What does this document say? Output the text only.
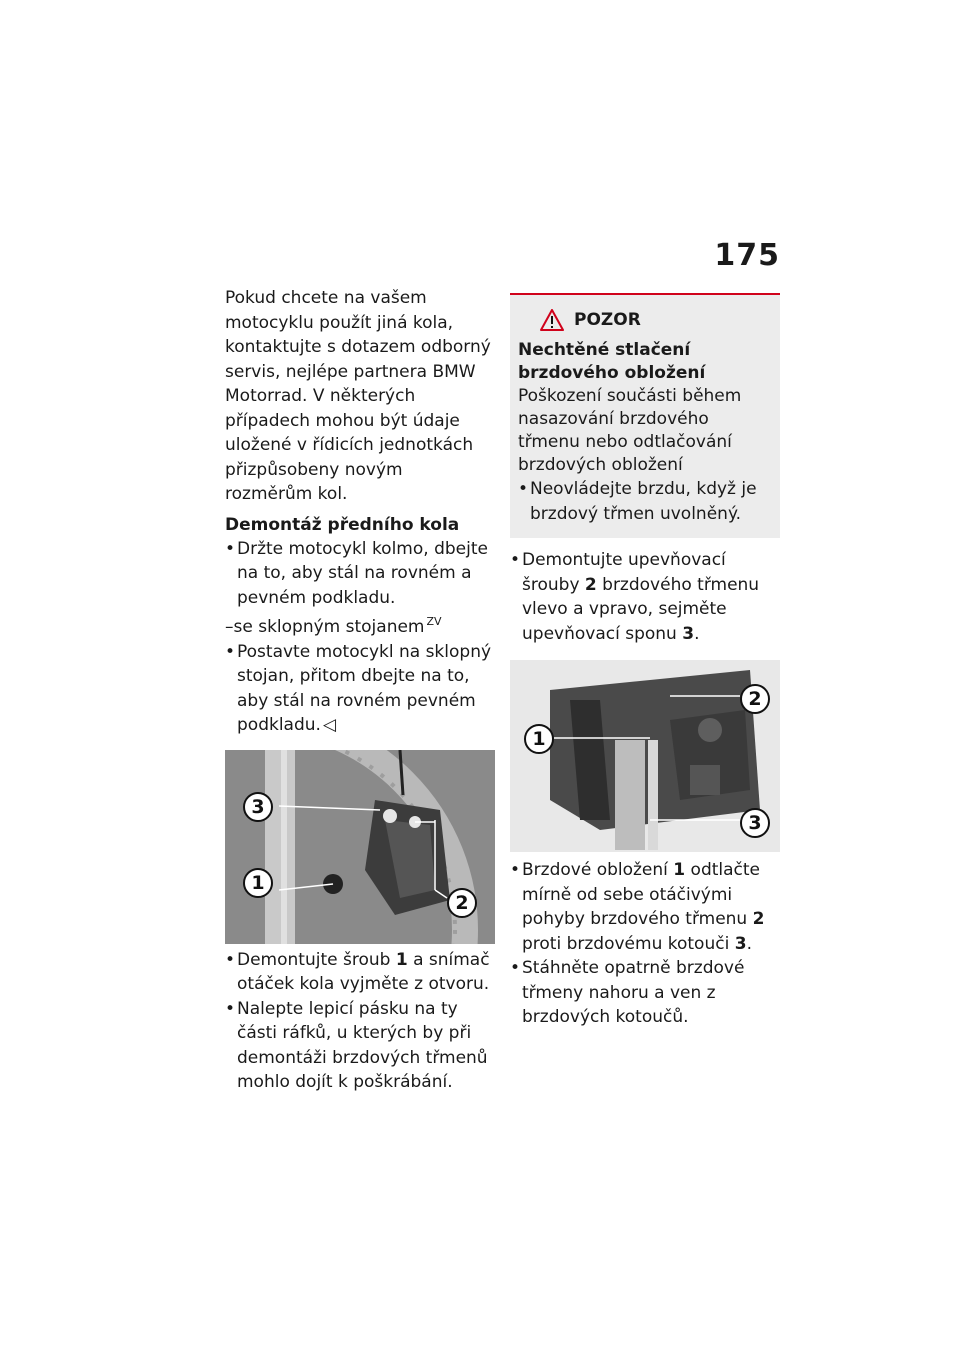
175

Pokud chcete na vašem motocyklu použít jiná kola, kontaktujte s dotazem odborný servis, nejlépe partnera BMW Motorrad. V některých případech mohou být údaje uložené v řídicích jednotkách přizpůsobeny novým rozměrům kol.

Demontáž předního kola
• Držte motocykl kolmo, dbejte na to, aby stál na rovném a pevném podkladu.
–se sklopným stojanem $^{ZV}$
• Postavte motocykl na sklopný stojan, přitom dbejte na to, aby stál na rovném pevném podkladu. ◁
3
1
2
• Demontujte šroub 1 a snímač otáček kola vyjměte z otvoru.
• Nalepte lepicí pásku na ty části ráfků, u kterých by při demontáži brzdových třmenů mohlo dojít k poškrábání.
POZOR
Nechtěné stlačení brzdového obložení

Poškození součásti během nasazování brzdového třmenu nebo odtlačování brzdových obložení

• Neovládejte brzdu, když je brzdový třmen uvolněný.
• Demontujte upevňovací šrouby 2 brzdového třmenu vlevo a vpravo, sejměte upevňovací sponu 3.
2
1
3
• Brzdové obložení 1 odtlačte mírně od sebe otáčivými pohyby brzdového třmenu 2 proti brzdovému kotouči 3.
• Stáhněte opatrně brzdové třmeny nahoru a ven z brzdových kotoučů.
